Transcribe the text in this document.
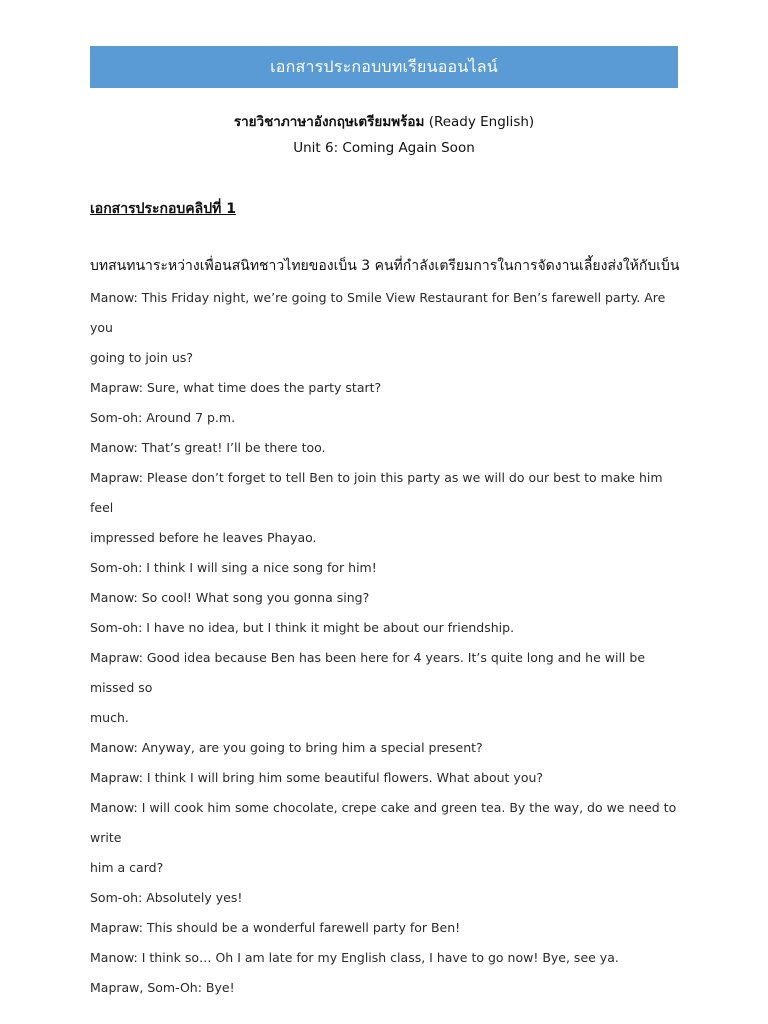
เอกสารประกอบบทเรียนออนไลน์
รายวิชาภาษาอังกฤษเตรียมพร้อม (Ready English)
Unit 6: Coming Again Soon
เอกสารประกอบคลิปที่ 1
บทสนทนาระหว่างเพื่อนสนิทชาวไทยของเบ็น 3 คนที่กำลังเตรียมการในการจัดงานเลี้ยงส่งให้กับเบ็น
Manow: This Friday night, we’re going to Smile View Restaurant for Ben’s farewell party. Are you
going to join us?
Mapraw: Sure, what time does the party start?
Som-oh: Around 7 p.m.
Manow: That’s great! I’ll be there too.
Mapraw: Please don’t forget to tell Ben to join this party as we will do our best to make him feel
impressed before he leaves Phayao.
Som-oh: I think I will sing a nice song for him!
Manow: So cool! What song you gonna sing?
Som-oh: I have no idea, but I think it might be about our friendship.
Mapraw: Good idea because Ben has been here for 4 years. It’s quite long and he will be missed so
much.
Manow: Anyway, are you going to bring him a special present?
Mapraw: I think I will bring him some beautiful flowers. What about you?
Manow: I will cook him some chocolate, crepe cake and green tea. By the way, do we need to write
him a card?
Som-oh: Absolutely yes!
Mapraw: This should be a wonderful farewell party for Ben!
Manow: I think so… Oh I am late for my English class, I have to go now! Bye, see ya.
Mapraw, Som-Oh: Bye!
